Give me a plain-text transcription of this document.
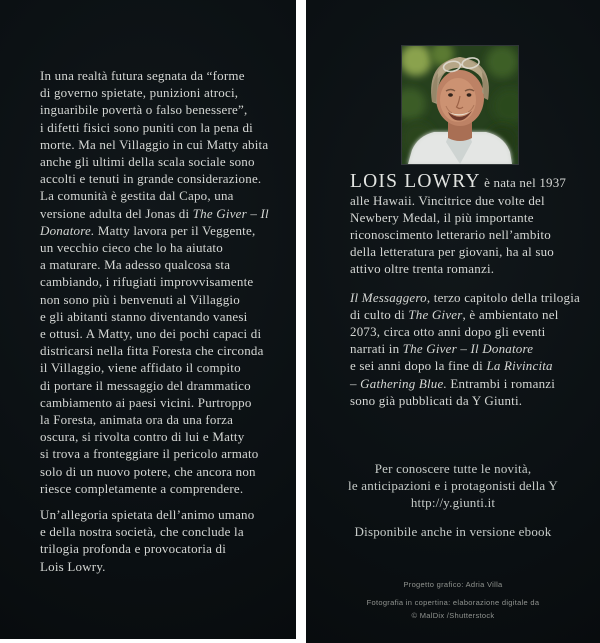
In una realtà futura segnata da “forme
di governo spietate, punizioni atroci,
inguaribile povertà o falso benessere”,
i difetti fisici sono puniti con la pena di
morte. Ma nel Villaggio in cui Matty abita
anche gli ultimi della scala sociale sono
accolti e tenuti in grande considerazione.
La comunità è gestita dal Capo, una
versione adulta del Jonas di The Giver – Il
Donatore. Matty lavora per il Veggente,
un vecchio cieco che lo ha aiutato
a maturare. Ma adesso qualcosa sta
cambiando, i rifugiati improvvisamente
non sono più i benvenuti al Villaggio
e gli abitanti stanno diventando vanesi
e ottusi. A Matty, uno dei pochi capaci di
districarsi nella fitta Foresta che circonda
il Villaggio, viene affidato il compito
di portare il messaggio del drammatico
cambiamento ai paesi vicini. Purtroppo
la Foresta, animata ora da una forza
oscura, si rivolta contro di lui e Matty
si trova a fronteggiare il pericolo armato
solo di un nuovo potere, che ancora non
riesce completamente a comprendere.
Un’allegoria spietata dell’animo umano
e della nostra società, che conclude la
trilogia profonda e provocatoria di
Lois Lowry.
LOIS LOWRY è nata nel 1937
alle Hawaii. Vincitrice due volte del
Newbery Medal, il più importante
riconoscimento letterario nell’ambito
della letteratura per giovani, ha al suo
attivo oltre trenta romanzi.
Il Messaggero, terzo capitolo della trilogia
di culto di The Giver, è ambientato nel
2073, circa otto anni dopo gli eventi
narrati in The Giver – Il Donatore
e sei anni dopo la fine di La Rivincita
– Gathering Blue. Entrambi i romanzi
sono già pubblicati da Y Giunti.
Per conoscere tutte le novità,
le anticipazioni e i protagonisti della Y
http://y.giunti.it
Disponibile anche in versione ebook
Progetto grafico: Adria Villa
Fotografia in copertina: elaborazione digitale da
© MalDix /Shutterstock
